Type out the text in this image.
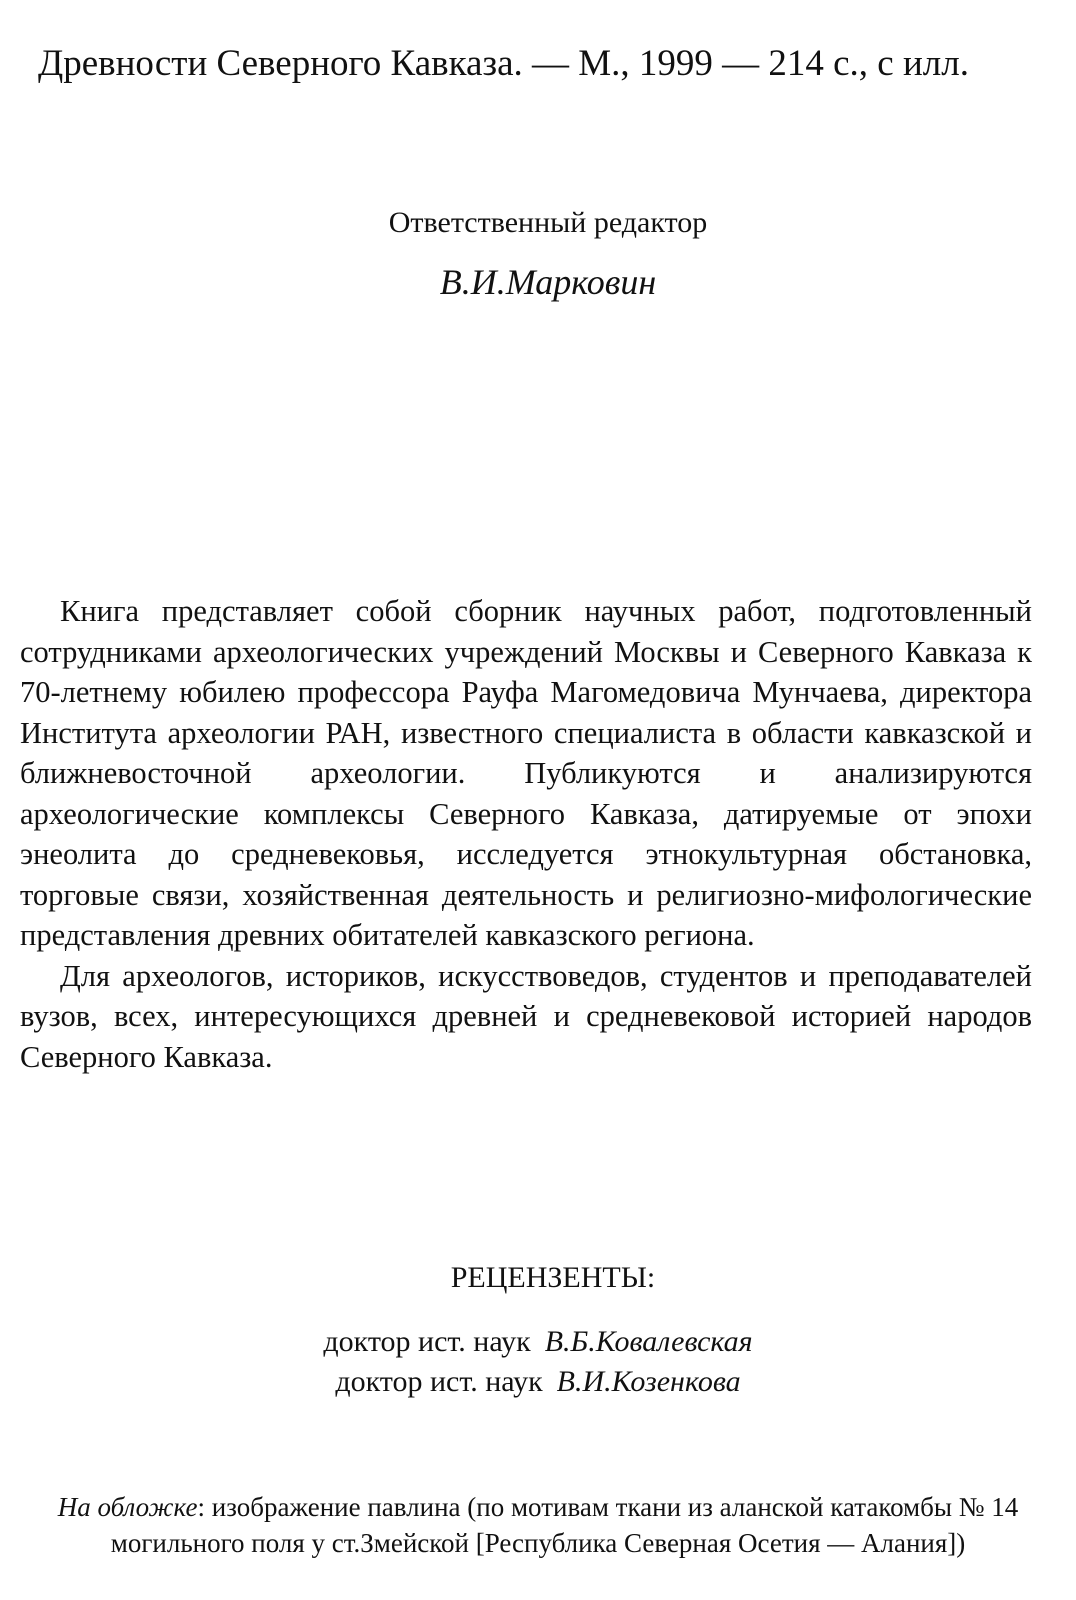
Древности Северного Кавказа. — М., 1999 — 214 с., с илл.
Ответственный редактор
В.И.Марковин

Книга представляет собой сборник научных работ, подготовленный сотрудниками археологических учреждений Москвы и Северного Кавказа к 70-летнему юбилею профессора Рауфа Магомедовича Мунчаева, директора Института археологии РАН, известного специалиста в области кавказской и ближневосточной археологии. Публикуются и анализируются археологические комплексы Северного Кавказа, датируемые от эпохи энеолита до средневековья, исследуется этнокультурная обстановка, торговые связи, хозяйственная деятельность и религиозно-мифологические представления древних обитателей кавказского региона.

Для археологов, историков, искусствоведов, студентов и преподавателей вузов, всех, интересующихся древней и средневековой историей народов Северного Кавказа.

РЕЦЕНЗЕНТЫ:
доктор ист. наук В.Б.Ковалевская
доктор ист. наук В.И.Козенкова
На обложке: изображение павлина (по мотивам ткани из аланской катакомбы № 14 могильного поля у ст.Змейской [Республика Северная Осетия — Алания])
